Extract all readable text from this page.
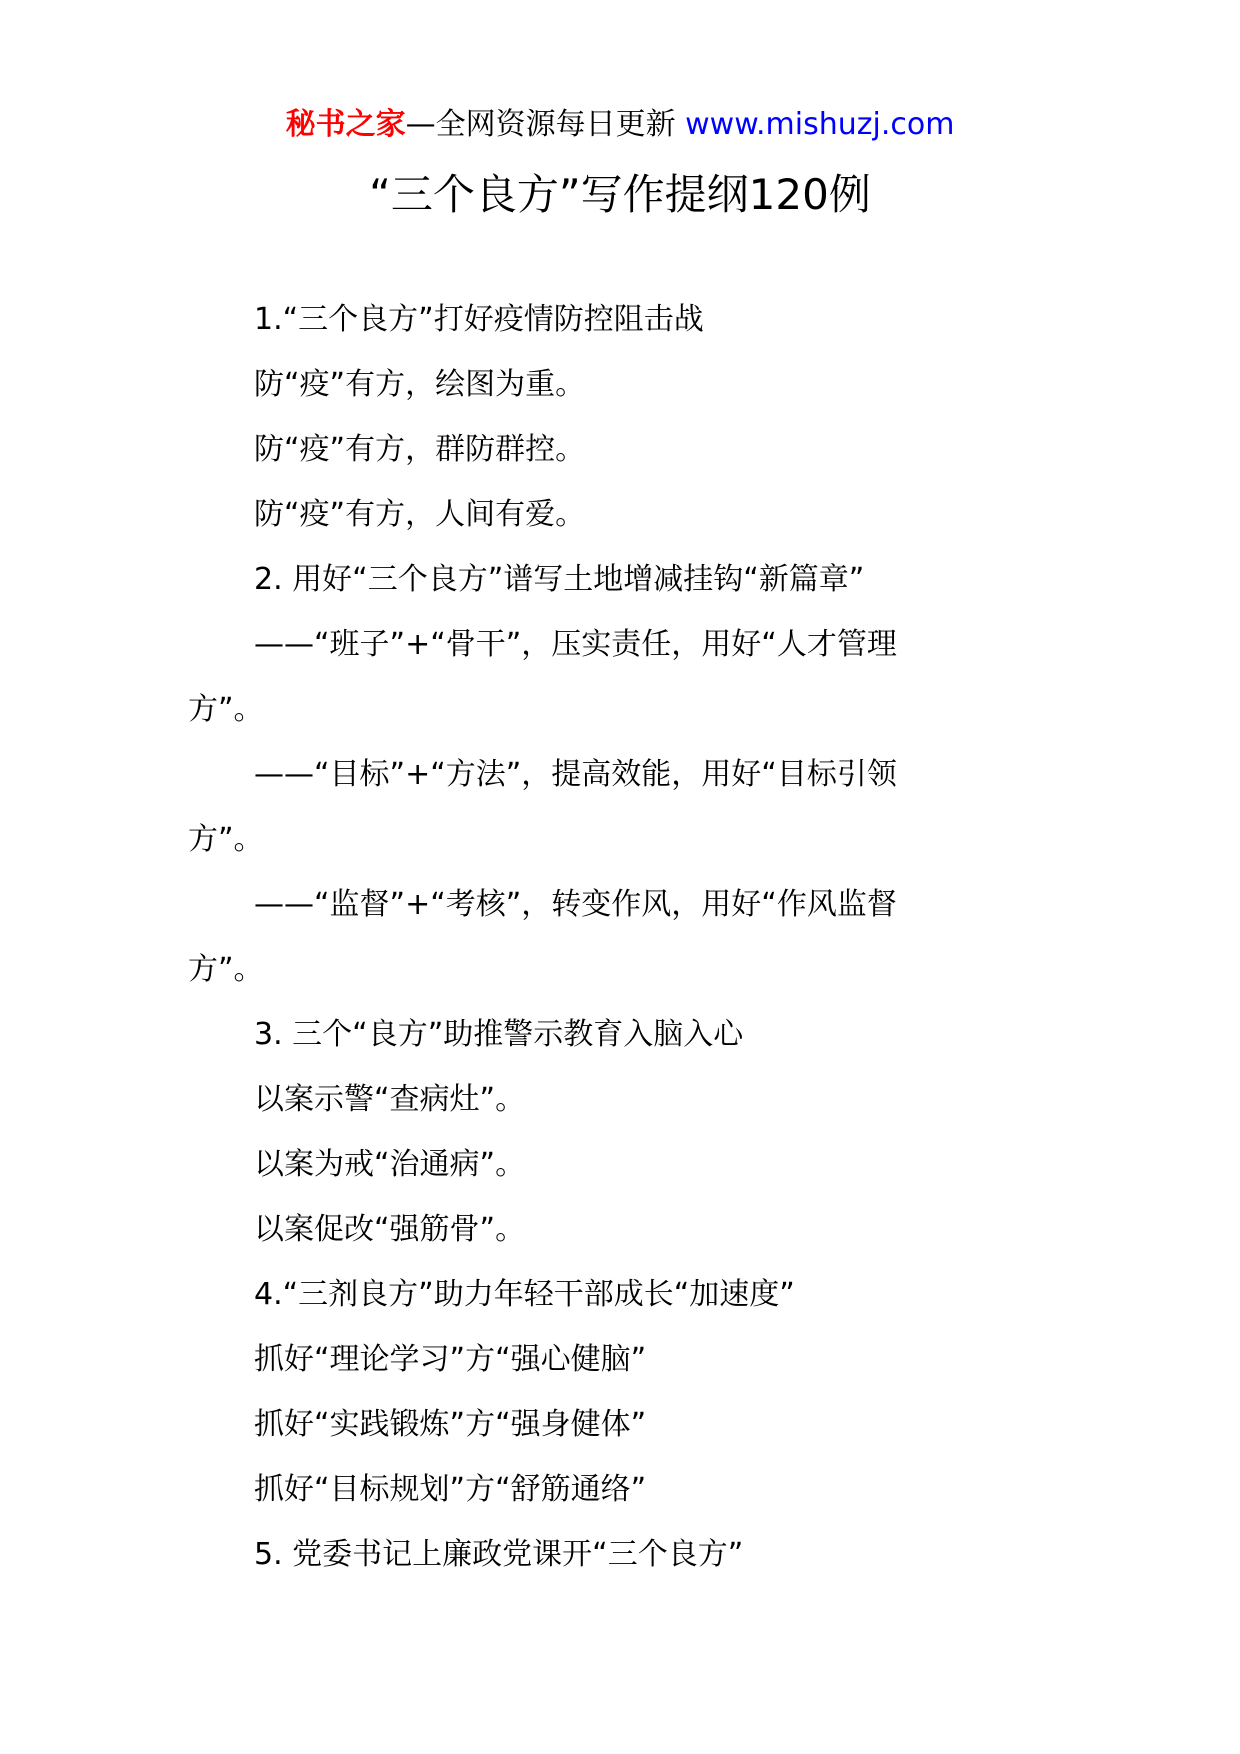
秘书之家—全网资源每日更新 www.mishuzj.com
“三个良方”写作提纲120例
1.“三个良方”打好疫情防控阻击战
防“疫”有方，绘图为重。
防“疫”有方，群防群控。
防“疫”有方，人间有爱。
2. 用好“三个良方”谱写土地增减挂钩“新篇章”
——“班子”+“骨干”，压实责任，用好“人才管理
方”。
——“目标”+“方法”，提高效能，用好“目标引领
方”。
——“监督”+“考核”，转变作风，用好“作风监督
方”。
3. 三个“良方”助推警示教育入脑入心
以案示警“查病灶”。
以案为戒“治通病”。
以案促改“强筋骨”。
4.“三剂良方”助力年轻干部成长“加速度”
抓好“理论学习”方“强心健脑”
抓好“实践锻炼”方“强身健体”
抓好“目标规划”方“舒筋通络”
5. 党委书记上廉政党课开“三个良方”
